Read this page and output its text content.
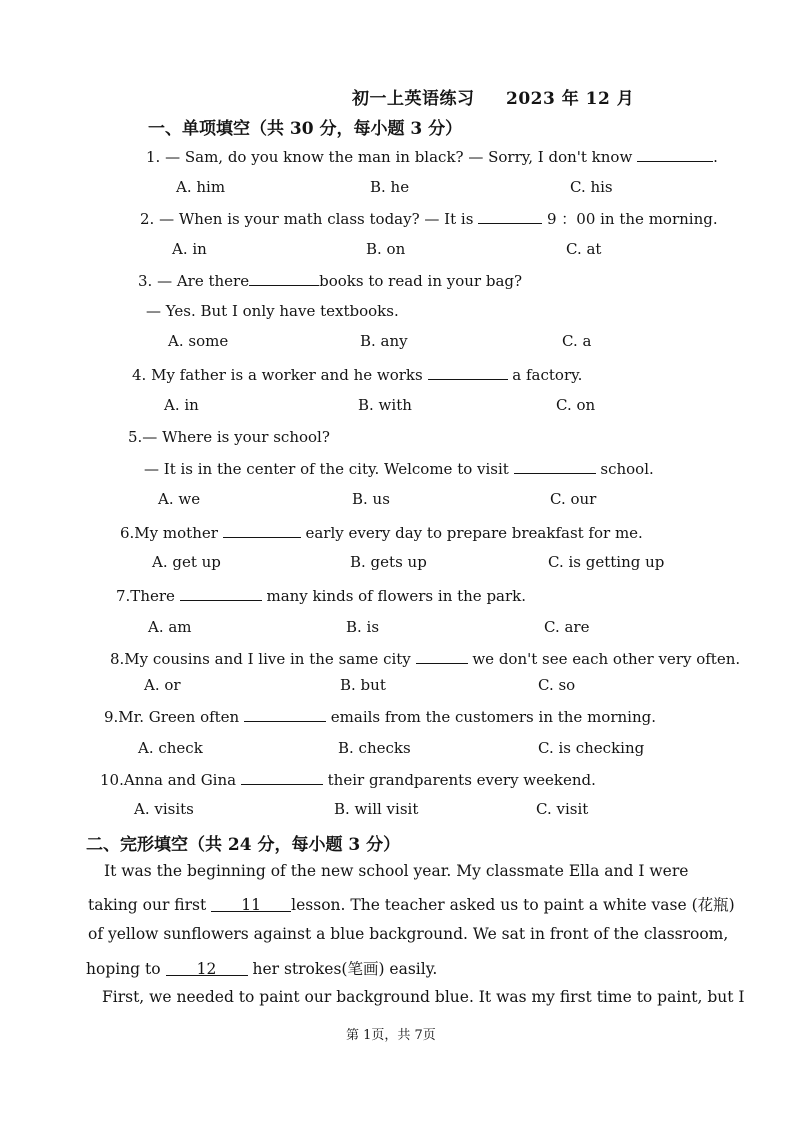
初一上英语练习 2023 年 12 月
一、单项填空（共 30 分，每小题 3 分）
1. — Sam, do you know the man in black? — Sorry, I don't know	.
A. him	B. he	C. his
2. — When is your math class today? — It is	9 ：00 in the morning.
A. in	B. on	C. at
3. — Are there	books to read in your bag?
— Yes. But I only have textbooks.
A. some	B. any	C. a
4. My father is a worker and he works	a factory.
A. in	B. with	C. on
5.— Where is your school?
— It is in the center of the city. Welcome to visit	school.
A. we	B. us	C. our
6.My mother	early every day to prepare breakfast for me.
A. get up	B. gets up	C. is getting up
7.There	many kinds of flowers in the park.
A. am	B. is	C. are
8.My cousins and I live in the same city	we don't see each other very often.
A. or	B. but	C. so
9.Mr. Green often	emails from the customers in the morning.
A. check	B. checks	C. is checking
10.Anna and Gina	their grandparents every weekend.
A. visits	B. will visit	C. visit
二、完形填空（共 24 分，每小题 3 分）
It was the beginning of the new school year. My classmate Ella and I were
taking our first 11 lesson. The teacher asked us to paint a white vase (花瓶)
of yellow sunflowers against a blue background. We sat in front of the classroom,
hoping to 12 her strokes(笔画) easily.
First, we needed to paint our background blue. It was my first time to paint, but I
第 1页，共 7页
